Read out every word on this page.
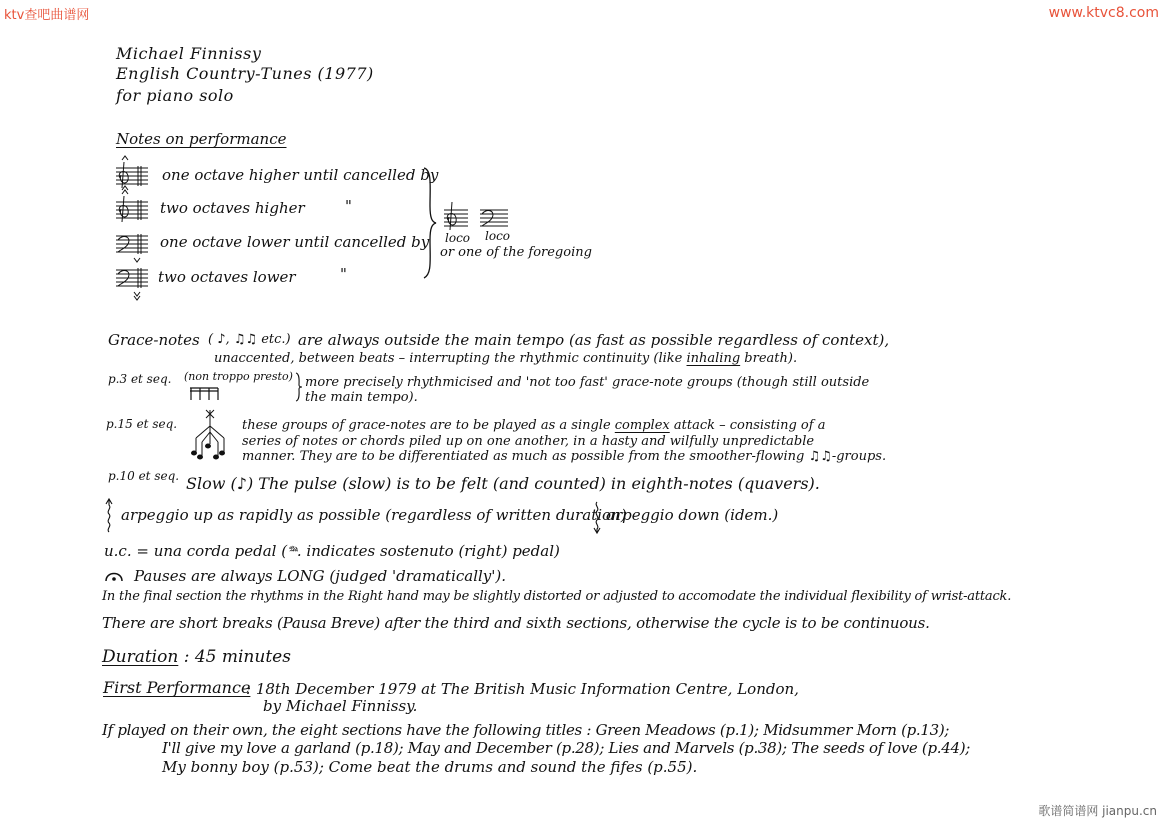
ktv查吧曲谱网	www.ktvc8.com
歌谱简谱网 jianpu.cn
Michael Finnissy
English Country-Tunes (1977)
for piano solo
Notes on performance
one octave higher until cancelled by
two octaves higher	"
one octave lower until cancelled by
two octaves lower	"
loco loco
or one of the foregoing
Grace-notes ( ♪, ♫♫ etc.) are always outside the main tempo (as fast as possible regardless of context),
unaccented, between beats – interrupting the rhythmic continuity (like inhaling breath).
p.3 et seq. (non troppo presto) more precisely rhythmicised and 'not too fast' grace-note groups (though still outside
the main tempo).
p.15 et seq.	these groups of grace-notes are to be played as a single complex attack – consisting of a
series of notes or chords piled up on one another, in a hasty and wilfully unpredictable
manner. They are to be differentiated as much as possible from the smoother-flowing ♫♫-groups.
p.10 et seq. Slow (♪) The pulse (slow) is to be felt (and counted) in eighth-notes (quavers).
arpeggio up as rapidly as possible (regardless of written duration)
arpeggio down (idem.)
u.c. = una corda pedal (𝆮. indicates sostenuto (right) pedal)
Pauses are always LONG (judged 'dramatically').
In the final section the rhythms in the Right hand may be slightly distorted or adjusted to accomodate the individual flexibility of wrist-attack.
There are short breaks (Pausa Breve) after the third and sixth sections, otherwise the cycle is to be continuous.
Duration : 45 minutes
First Performance
: 18th December 1979 at The British Music Information Centre, London,
by Michael Finnissy.
If played on their own, the eight sections have the following titles : Green Meadows (p.1); Midsummer Morn (p.13);
I'll give my love a garland (p.18); May and December (p.28); Lies and Marvels (p.38); The seeds of love (p.44);
My bonny boy (p.53); Come beat the drums and sound the fifes (p.55).
